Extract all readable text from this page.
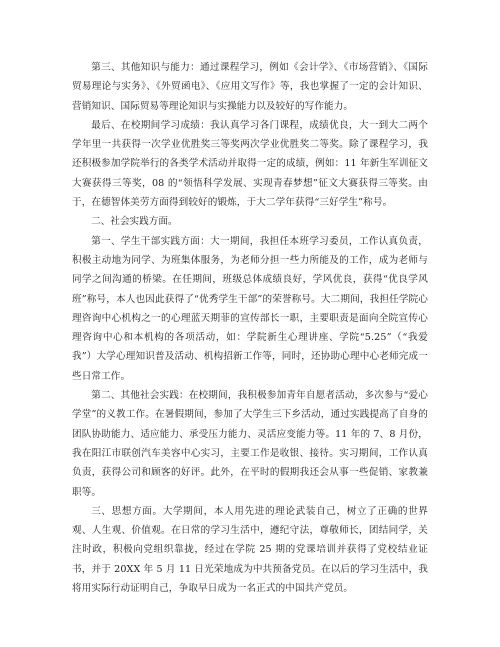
第三、其他知识与能力：通过课程学习，例如《会计学》、《市场营销》、《国际贸易理论与实务》、《外贸函电》、《应用文写作》等，我也掌握了一定的会计知识、营销知识、国际贸易等理论知识与实操能力以及较好的写作能力。

最后、在校期间学习成绩：我认真学习各门课程，成绩优良，大一到大二两个学年里一共获得一次学业优胜奖三等奖两次学业优胜奖二等奖。除了课程学习，我还积极参加学院举行的各类学术活动并取得一定的成绩，例如：11 年新生军训征文大赛获得三等奖，08 的“领悟科学发展、实现青春梦想”征文大赛获得三等奖。由于，在德智体美劳方面得到较好的锻炼，于大二学年获得“三好学生”称号。

二、社会实践方面。

第一、学生干部实践方面：大一期间，我担任本班学习委员，工作认真负责，积极主动地为同学、为班集体服务，为老师分担一些力所能及的工作，成为老师与同学之间沟通的桥梁。在任期间，班级总体成绩良好，学风优良，获得“优良学风班”称号，本人也因此获得了“优秀学生干部”的荣誉称号。大二期间，我担任学院心理咨询中心机构之一的心理蓝天期菲的宣传部长一职，主要职责是面向全院宣传心理咨询中心和本机构的各项活动，如：学院新生心理讲座、学院“5.25”（“我爱我”）大学心理知识普及活动、机构招新工作等，同时，还协助心理中心老师完成一些日常工作。

第二、其他社会实践：在校期间，我积极参加青年自愿者活动，多次参与“爱心学堂”的义教工作。在暑假期间，参加了大学生三下乡活动，通过实践提高了自身的团队协助能力、适应能力、承受压力能力、灵活应变能力等。11 年的 7、8 月份，我在阳江市联创汽车美容中心实习，主要工作是收银、接待。实习期间，工作认真负责，获得公司和顾客的好评。此外，在平时的假期我还会从事一些促销、家教兼职等。

三、思想方面。大学期间，本人用先进的理论武装自己，树立了正确的世界观、人生观、价值观。在日常的学习生活中，遵纪守法，尊敬师长，团结同学，关注时政，积极向党组织靠拢，经过在学院 25 期的党课培训并获得了党校结业证书，并于 20XX 年 5 月 11 日光荣地成为中共预备党员。在以后的学习生活中，我将用实际行动证明自己，争取早日成为一名正式的中国共产党员。
